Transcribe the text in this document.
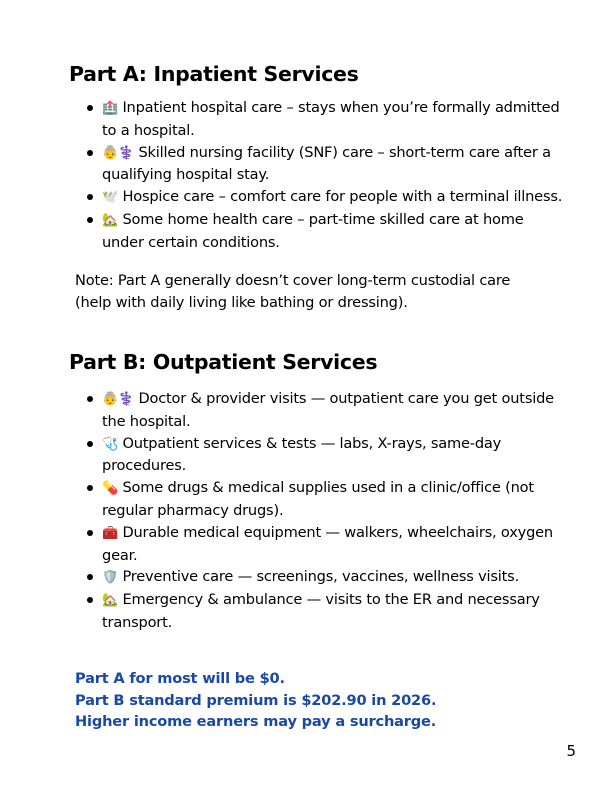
Part A: Inpatient Services
🏥 Inpatient hospital care – stays when you’re formally admitted to a hospital.
👵⚕️ Skilled nursing facility (SNF) care – short-term care after a qualifying hospital stay.
🕊️ Hospice care – comfort care for people with a terminal illness.
🏡 Some home health care – part-time skilled care at home under certain conditions.

Note: Part A generally doesn’t cover long-term custodial care (help with daily living like bathing or dressing).

Part B: Outpatient Services
👵⚕️ Doctor & provider visits — outpatient care you get outside the hospital.
🩺 Outpatient services & tests — labs, X-rays, same-day procedures.
💊 Some drugs & medical supplies used in a clinic/office (not regular pharmacy drugs).
🧰 Durable medical equipment — walkers, wheelchairs, oxygen gear.
🛡️ Preventive care — screenings, vaccines, wellness visits.
🏡 Emergency & ambulance — visits to the ER and necessary transport.

Part A for most will be $0.

Part B standard premium is $202.90 in 2026.

Higher income earners may pay a surcharge.

5
